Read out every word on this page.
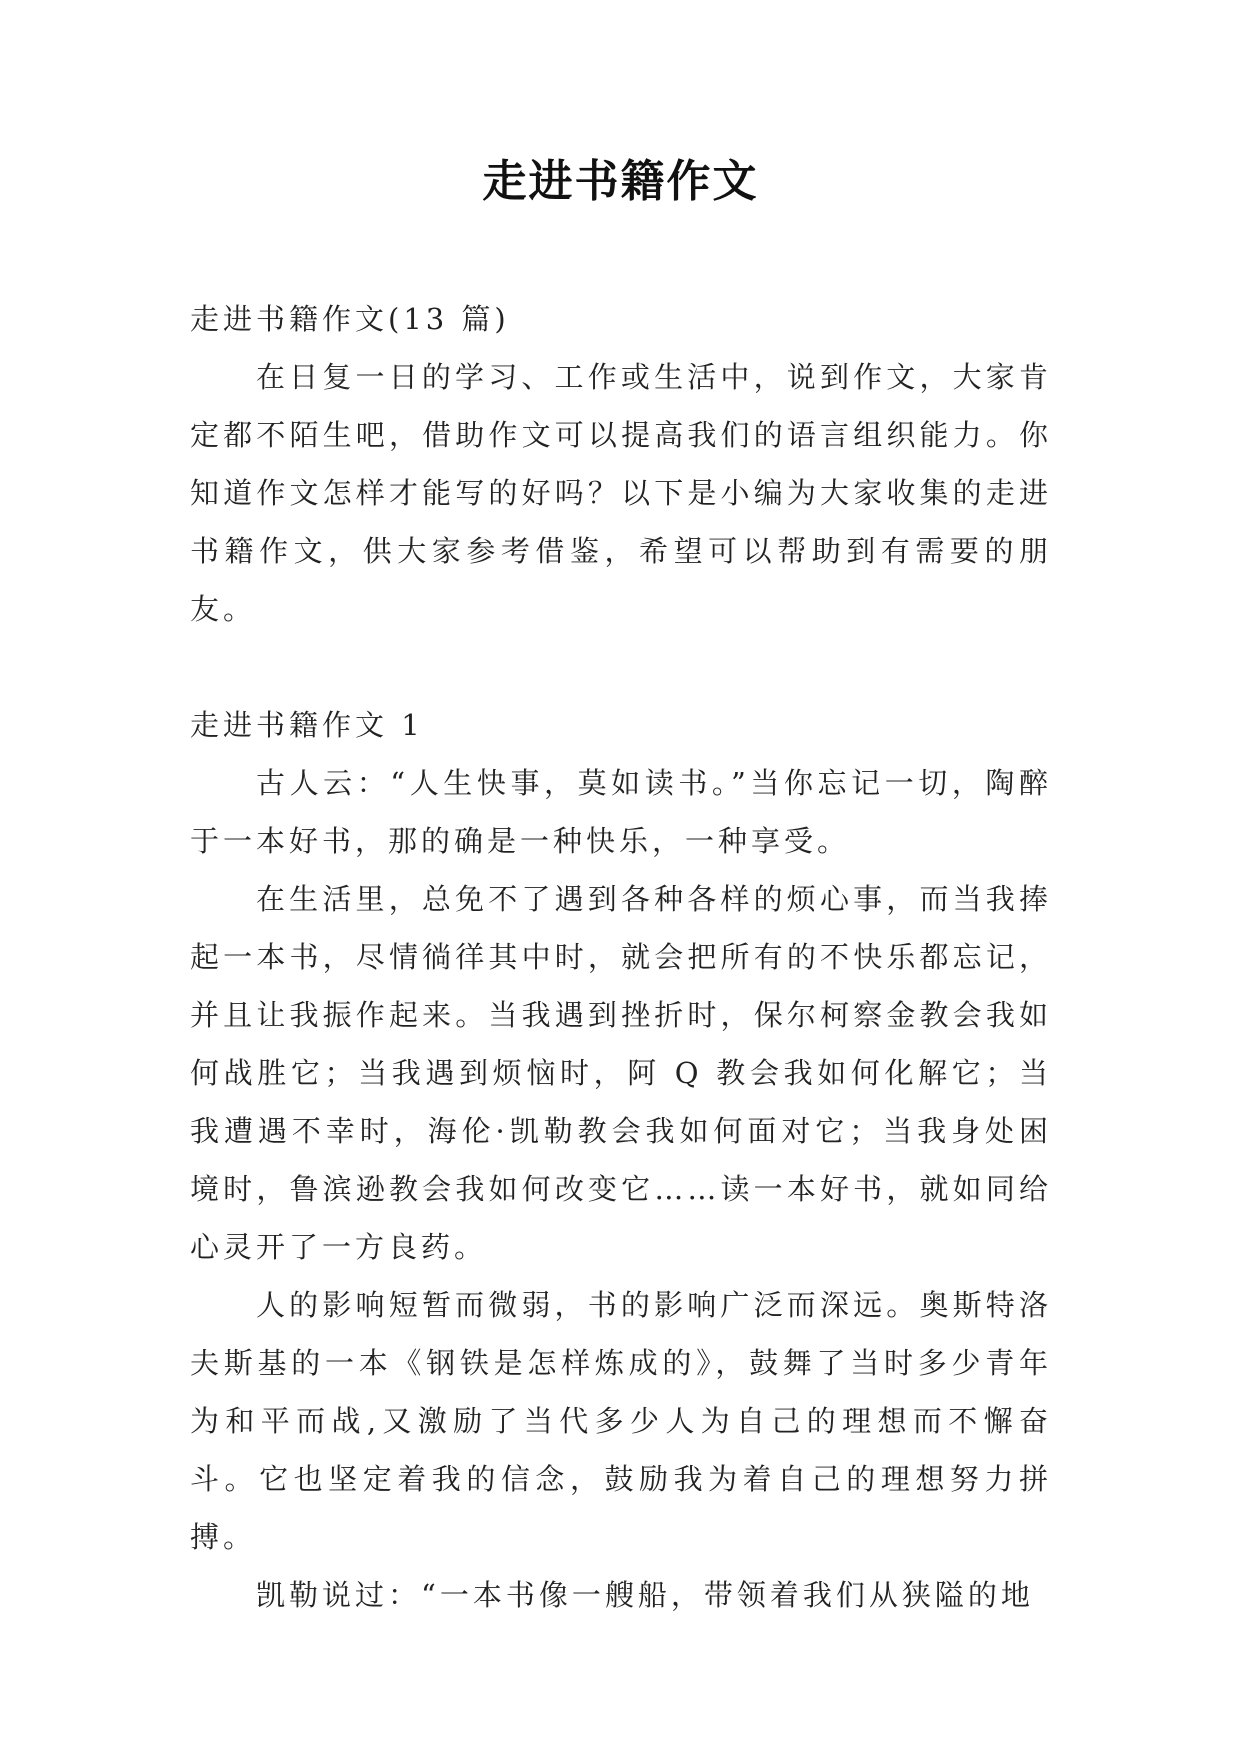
走进书籍作文

走进书籍作文(13 篇)

在日复一日的学习、工作或生活中，说到作文，大家肯定都不陌生吧，借助作文可以提高我们的语言组织能力。你知道作文怎样才能写的好吗？以下是小编为大家收集的走进书籍作文，供大家参考借鉴，希望可以帮助到有需要的朋友。

走进书籍作文 1

古人云：“人生快事，莫如读书。”当你忘记一切，陶醉于一本好书，那的确是一种快乐，一种享受。

在生活里，总免不了遇到各种各样的烦心事，而当我捧起一本书，尽情徜徉其中时，就会把所有的不快乐都忘记，并且让我振作起来。当我遇到挫折时，保尔柯察金教会我如何战胜它；当我遇到烦恼时，阿 Q 教会我如何化解它；当我遭遇不幸时，海伦·凯勒教会我如何面对它；当我身处困境时，鲁滨逊教会我如何改变它……读一本好书，就如同给心灵开了一方良药。

人的影响短暂而微弱，书的影响广泛而深远。奥斯特洛夫斯基的一本《钢铁是怎样炼成的》，鼓舞了当时多少青年为和平而战,又激励了当代多少人为自己的理想而不懈奋斗。它也坚定着我的信念，鼓励我为着自己的理想努力拼搏。

凯勒说过：“一本书像一艘船，带领着我们从狭隘的地
